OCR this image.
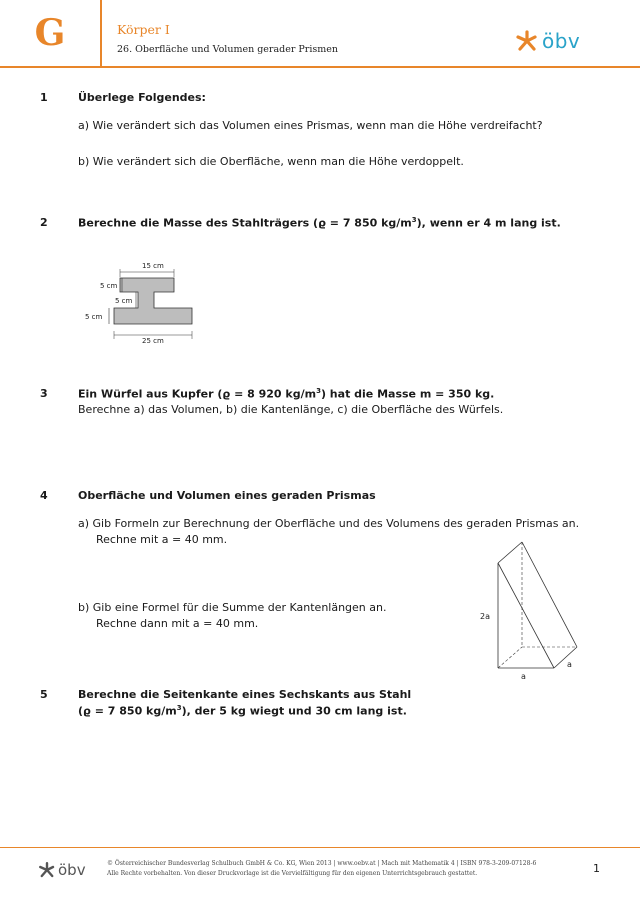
G	Körper I
26. Oberfläche und Volumen gerader Prismen	öbv
1	Überlege Folgendes:
a) Wie verändert sich das Volumen eines Prismas, wenn man die Höhe verdreifacht?
b) Wie verändert sich die Oberfläche, wenn man die Höhe verdoppelt.
2	Berechne die Masse des Stahlträgers (ϱ = 7 850 $kg/m^3$), wenn er 4 m lang ist.
15 cm
5 cm
5 cm
5 cm
25 cm
3	Ein Würfel aus Kupfer (ϱ = 8 920 $kg/m^3$) hat die Masse m = 350 kg.
Berechne a) das Volumen, b) die Kantenlänge, c) die Oberfläche des Würfels.
4	Oberfläche und Volumen eines geraden Prismas
a) Gib Formeln zur Berechnung der Oberfläche und des Volumens des geraden Prismas an.
Rechne mit a = 40 mm.
b) Gib eine Formel für die Summe der Kantenlängen an.
Rechne dann mit a = 40 mm.
2a
a
a
5	Berechne die Seitenkante eines Sechskants aus Stahl
(ϱ = 7 850 $kg/m^3$), der 5 kg wiegt und 30 cm lang ist.
öbv	© Österreichischer Bundesverlag Schulbuch GmbH & Co. KG, Wien 2013 | www.oebv.at | Mach mit Mathematik 4 | ISBN 978-3-209-07128-6
Alle Rechte vorbehalten. Von dieser Druckvorlage ist die Vervielfältigung für den eigenen Unterrichtsgebrauch gestattet.	1
